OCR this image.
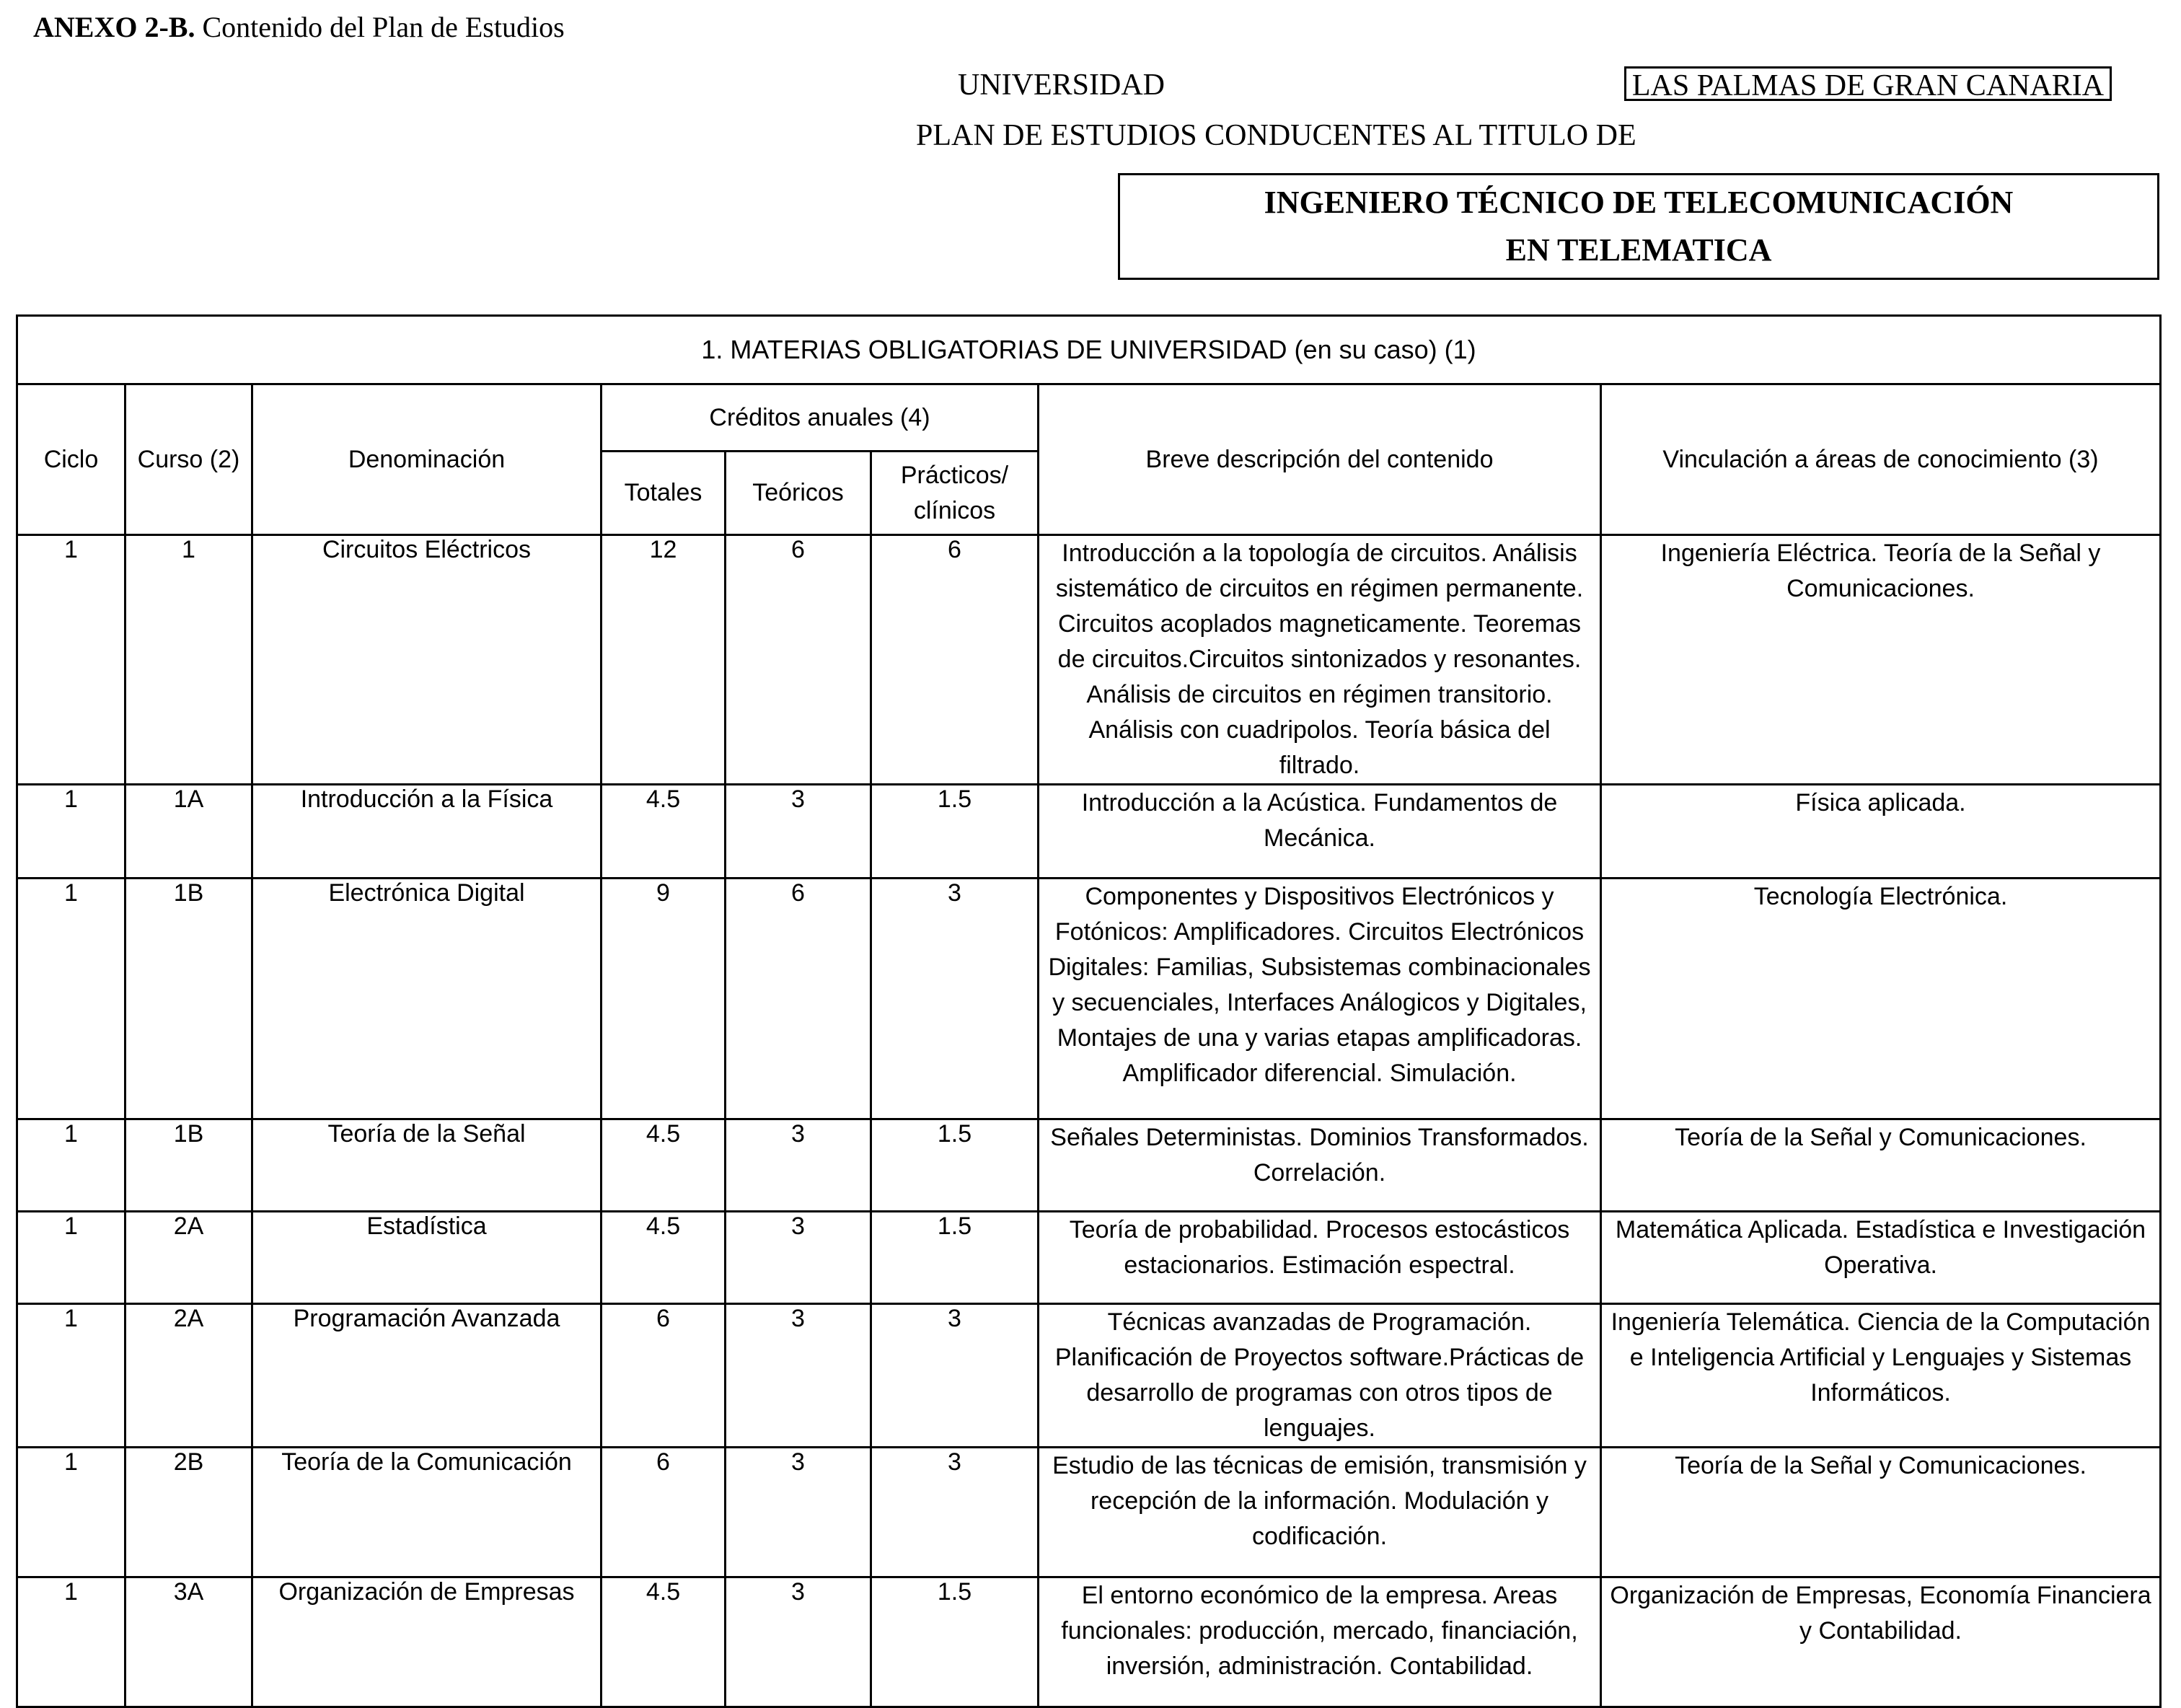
ANEXO 2-B. Contenido del Plan de Estudios
UNIVERSIDAD	LAS PALMAS DE GRAN CANARIA
PLAN DE ESTUDIOS CONDUCENTES AL TITULO DE
INGENIERO TÉCNICO DE TELECOMUNICACIÓN
EN TELEMATICA
1. MATERIAS OBLIGATORIAS DE UNIVERSIDAD (en su caso) (1)							
Ciclo	Curso (2)	Denominación	Créditos anuales (4)			Breve descripción del contenido	Vinculación a áreas de conocimiento (3)
			Totales	Teóricos	Prácticos/ clínicos		
1	1	Circuitos Eléctricos	12	6	6	Introducción a la topología de circuitos. Análisis sistemático de circuitos en régimen permanente. Circuitos acoplados magneticamente. Teoremas de circuitos.Circuitos sintonizados y resonantes. Análisis de circuitos en régimen transitorio. Análisis con cuadripolos. Teoría básica del filtrado.	Ingeniería Eléctrica. Teoría de la Señal y Comunicaciones.
1	1A	Introducción a la Física	4.5	3	1.5	Introducción a la Acústica. Fundamentos de Mecánica.	Física aplicada.
1	1B	Electrónica Digital	9	6	3	Componentes y Dispositivos Electrónicos y Fotónicos: Amplificadores. Circuitos Electrónicos Digitales: Familias, Subsistemas combinacionales y secuenciales, Interfaces Análogicos y Digitales, Montajes de una y varias etapas amplificadoras. Amplificador diferencial. Simulación.	Tecnología Electrónica.
1	1B	Teoría de la Señal	4.5	3	1.5	Señales Deterministas. Dominios Transformados. Correlación.	Teoría de la Señal y Comunicaciones.
1	2A	Estadística	4.5	3	1.5	Teoría de probabilidad. Procesos estocásticos estacionarios. Estimación espectral.	Matemática Aplicada. Estadística e Investigación Operativa.
1	2A	Programación Avanzada	6	3	3	Técnicas avanzadas de Programación. Planificación de Proyectos software.Prácticas de desarrollo de programas con otros tipos de lenguajes.	Ingeniería Telemática. Ciencia de la Computación e Inteligencia Artificial y Lenguajes y Sistemas Informáticos.
1	2B	Teoría de la Comunicación	6	3	3	Estudio de las técnicas de emisión, transmisión y recepción de la información. Modulación y codificación.	Teoría de la Señal y Comunicaciones.
1	3A	Organización de Empresas	4.5	3	1.5	El entorno económico de la empresa. Areas funcionales: producción, mercado, financiación, inversión, administración. Contabilidad.	Organización de Empresas, Economía Financiera y Contabilidad.
